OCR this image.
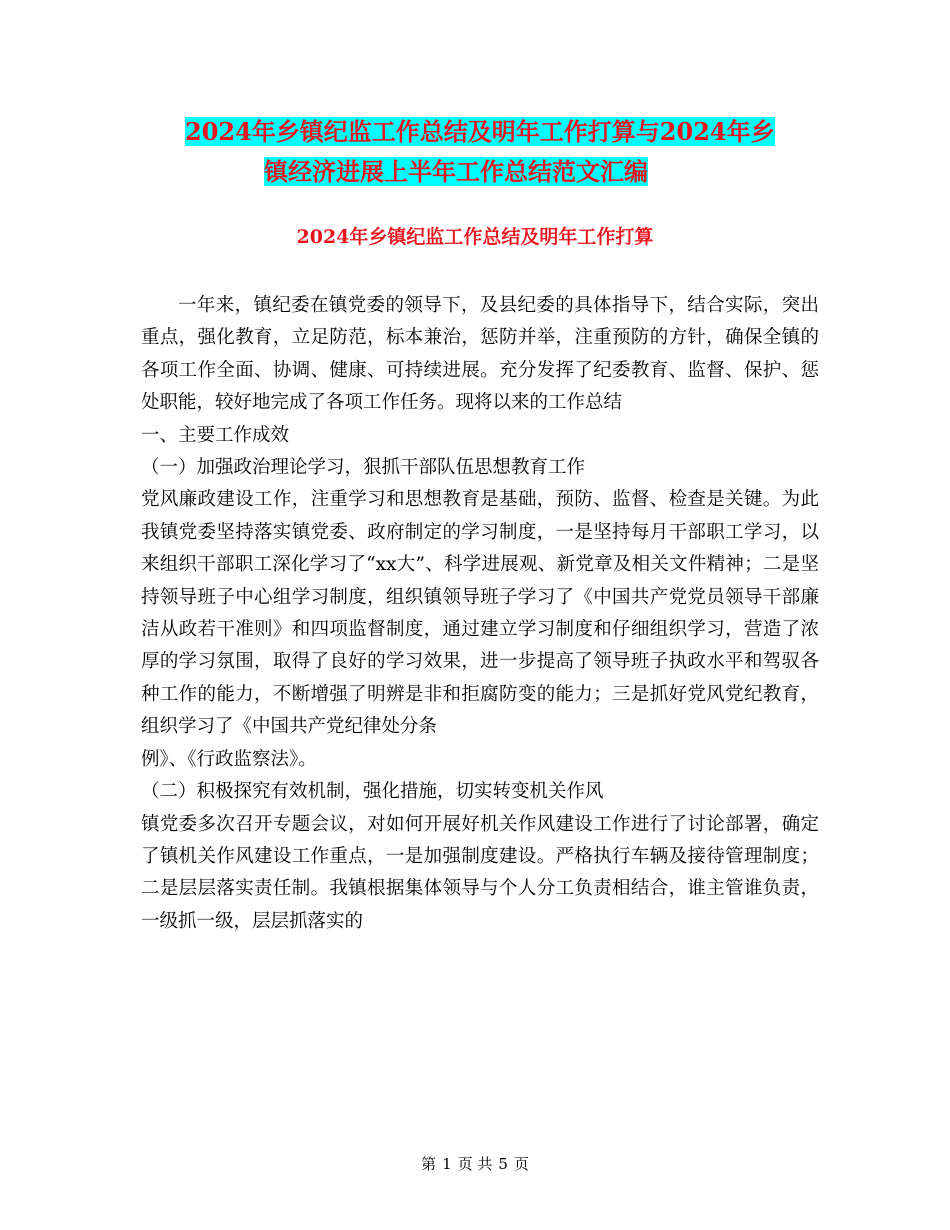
2024年乡镇纪监工作总结及明年工作打算与2024年乡
镇经济进展上半年工作总结范文汇编
2024年乡镇纪监工作总结及明年工作打算
一年来，镇纪委在镇党委的领导下，及县纪委的具体指导下，结合实际，突出重点，强化教育，立足防范，标本兼治，惩防并举，注重预防的方针，确保全镇的各项工作全面、协调、健康、可持续进展。充分发挥了纪委教育、监督、保护、惩处职能，较好地完成了各项工作任务。现将以来的工作总结
一、主要工作成效
（一）加强政治理论学习，狠抓干部队伍思想教育工作
党风廉政建设工作，注重学习和思想教育是基础，预防、监督、检查是关键。为此我镇党委坚持落实镇党委、政府制定的学习制度，一是坚持每月干部职工学习，以来组织干部职工深化学习了“xx大”、科学进展观、新党章及相关文件精神；二是坚持领导班子中心组学习制度，组织镇领导班子学习了《中国共产党党员领导干部廉洁从政若干准则》和四项监督制度，通过建立学习制度和仔细组织学习，营造了浓厚的学习氛围，取得了良好的学习效果，进一步提高了领导班子执政水平和驾驭各种工作的能力，不断增强了明辨是非和拒腐防变的能力；三是抓好党风党纪教育，组织学习了《中国共产党纪律处分条
例》、《行政监察法》。
（二）积极探究有效机制，强化措施，切实转变机关作风
镇党委多次召开专题会议，对如何开展好机关作风建设工作进行了讨论部署，确定了镇机关作风建设工作重点，一是加强制度建设。严格执行车辆及接待管理制度；二是层层落实责任制。我镇根据集体领导与个人分工负责相结合，谁主管谁负责，一级抓一级，层层抓落实的
第 1 页 共 5 页
